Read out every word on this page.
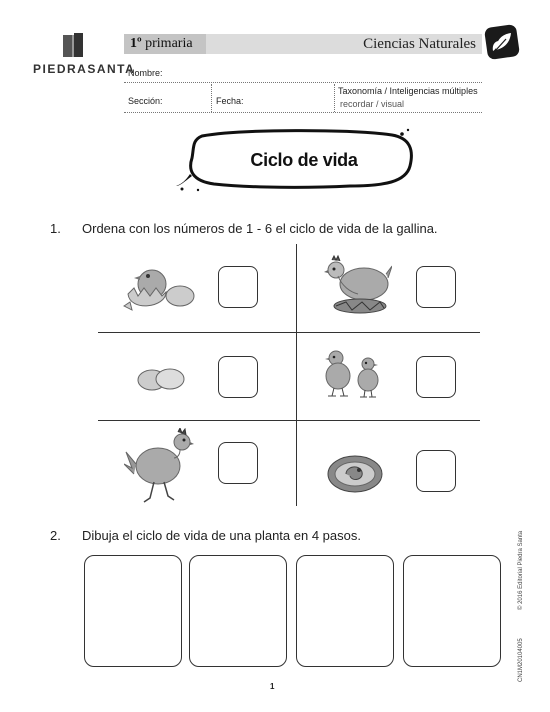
PIEDRASANTA
1º primaria	Ciencias Naturales
Nombre:
Sección:	Fecha:
Taxonomía / Inteligencias múltiples
recordar / visual
Ciclo de vida
1. Ordena con los números de 1 - 6 el ciclo de vida de la gallina.
2. Dibuja el ciclo de vida de una planta en 4 pasos.	© 2016 Editorial Piedra Santa
CN1M20104005
1
